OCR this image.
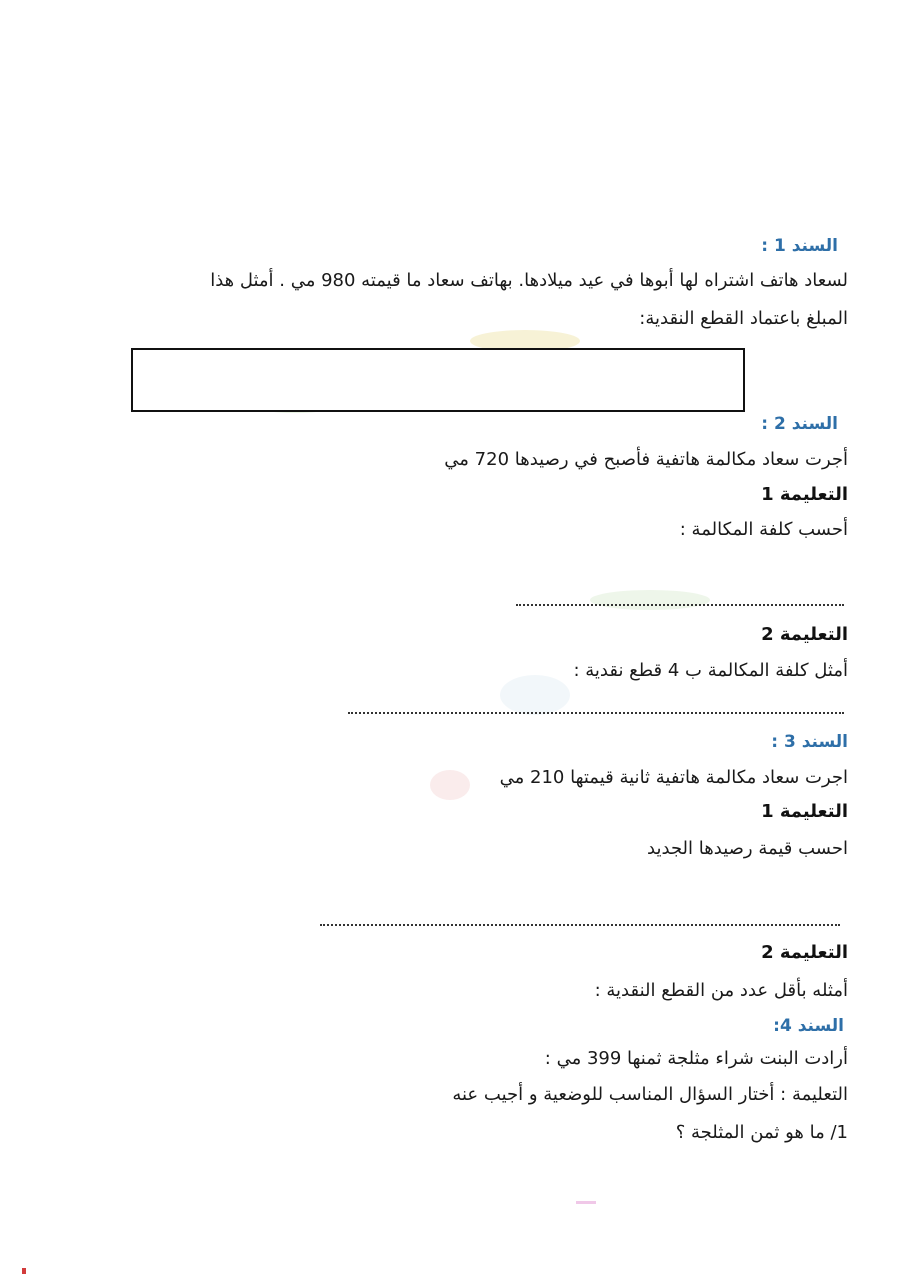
السند 1 :
لسعاد هاتف اشتراه لها أبوها في عيد ميلادها. بهاتف سعاد ما قيمته 980 مي . أمثل هذا
المبلغ باعتماد القطع النقدية:
السند 2 :
أجرت سعاد مكالمة هاتفية فأصبح في رصيدها 720 مي
التعليمة 1
أحسب كلفة المكالمة :
التعليمة 2
أمثل كلفة المكالمة ب 4 قطع نقدية :
السند 3 :
اجرت سعاد مكالمة هاتفية ثانية قيمتها 210 مي
التعليمة 1
احسب قيمة رصيدها الجديد
التعليمة 2
أمثله بأقل عدد من القطع النقدية :
السند 4:
أرادت البنت شراء مثلجة ثمنها 399 مي :
التعليمة : أختار السؤال المناسب للوضعية و أجيب عنه
1/ ما هو ثمن المثلجة ؟
